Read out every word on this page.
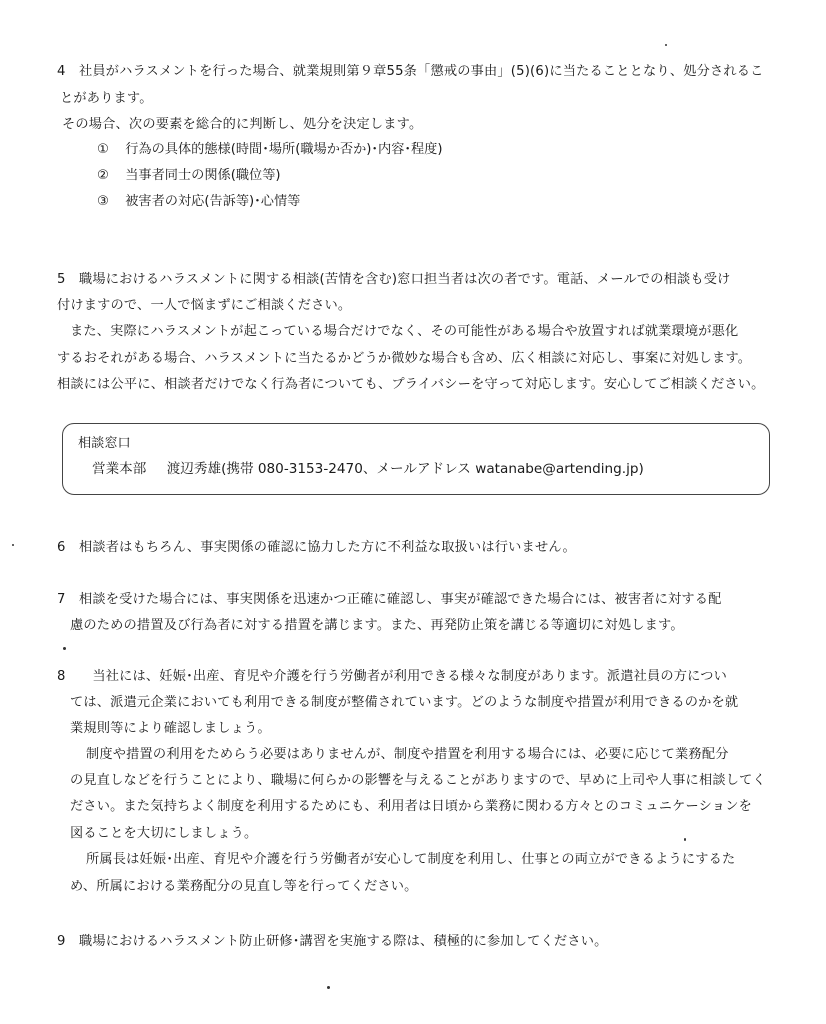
4　社員がハラスメントを行った場合、就業規則第９章55条「懲戒の事由」(5)(6)に当たることとなり、処分されるこ
とがあります。
その場合、次の要素を総合的に判断し、処分を決定します。
① 行為の具体的態様(時間･場所(職場か否か)･内容･程度)
② 当事者同士の関係(職位等)
③ 被害者の対応(告訴等)･心情等
5　職場におけるハラスメントに関する相談(苦情を含む)窓口担当者は次の者です。電話、メールでの相談も受け
付けますので、一人で悩まずにご相談ください。
また、実際にハラスメントが起こっている場合だけでなく、その可能性がある場合や放置すれば就業環境が悪化
するおそれがある場合、ハラスメントに当たるかどうか微妙な場合も含め、広く相談に対応し、事案に対処します。
相談には公平に、相談者だけでなく行為者についても、プライバシーを守って対応します。安心してご相談ください。
相談窓口
営業本部 渡辺秀雄(携帯 080-3153-2470、メールアドレス watanabe@artending.jp)
6　相談者はもちろん、事実関係の確認に協力した方に不利益な取扱いは行いません。
7　相談を受けた場合には、事実関係を迅速かつ正確に確認し、事実が確認できた場合には、被害者に対する配
慮のための措置及び行為者に対する措置を講じます。また、再発防止策を講じる等適切に対処します。
8　　当社には、妊娠･出産、育児や介護を行う労働者が利用できる様々な制度があります。派遣社員の方につい
ては、派遣元企業においても利用できる制度が整備されています。どのような制度や措置が利用できるのかを就
業規則等により確認しましょう。
制度や措置の利用をためらう必要はありませんが、制度や措置を利用する場合には、必要に応じて業務配分
の見直しなどを行うことにより、職場に何らかの影響を与えることがありますので、早めに上司や人事に相談してく
ださい。また気持ちよく制度を利用するためにも、利用者は日頃から業務に関わる方々とのコミュニケーションを
図ることを大切にしましょう。
所属長は妊娠･出産、育児や介護を行う労働者が安心して制度を利用し、仕事との両立ができるようにするた
め、所属における業務配分の見直し等を行ってください。
9　職場におけるハラスメント防止研修･講習を実施する際は、積極的に参加してください。
